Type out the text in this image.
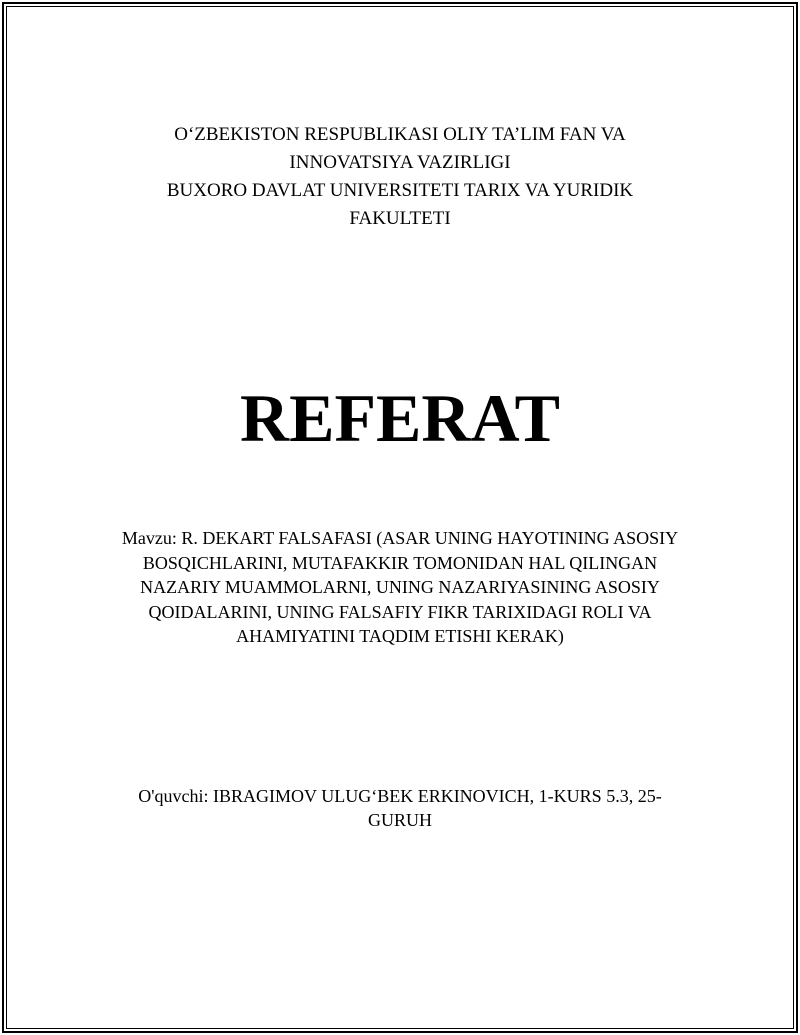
O‘ZBEKISTON RESPUBLIKASI OLIY TA’LIM FAN VA INNOVATSIYA VAZIRLIGI
BUXORO DAVLAT UNIVERSITETI TARIX VA YURIDIK FAKULTETI
REFERAT
Mavzu: R. DEKART FALSAFASI (ASAR UNING HAYOTINING ASOSIY BOSQICHLARINI, MUTAFAKKIR TOMONIDAN HAL QILINGAN NAZARIY MUAMMOLARNI, UNING NAZARIYASINING ASOSIY QOIDALARINI, UNING FALSAFIY FIKR TARIXIDAGI ROLI VA AHAMIYATINI TAQDIM ETISHI KERAK)
O'quvchi: IBRAGIMOV ULUG‘BEK ERKINOVICH, 1-KURS 5.3, 25-GURUH
